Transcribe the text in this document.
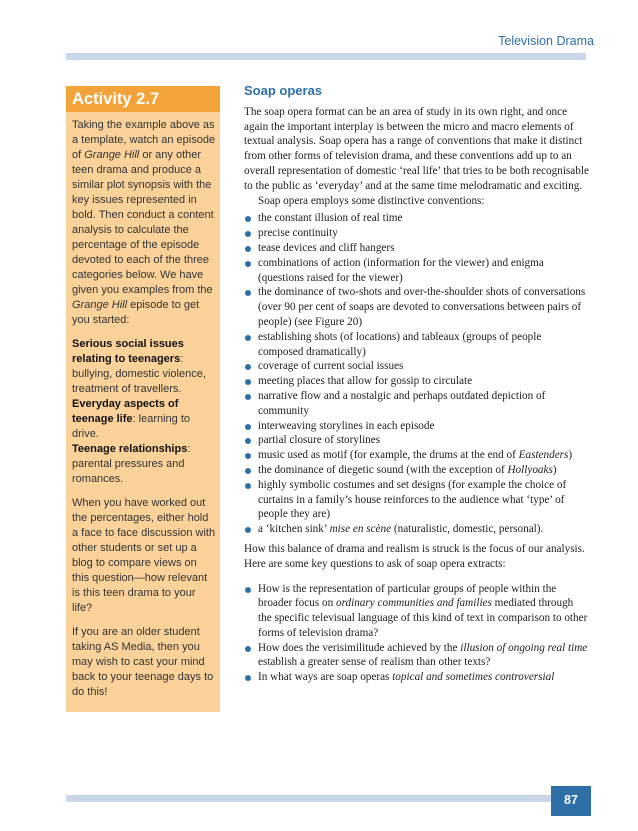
Television Drama
Activity 2.7

Taking the example above as a template, watch an episode of Grange Hill or any other teen drama and produce a similar plot synopsis with the key issues represented in bold. Then conduct a content analysis to calculate the percentage of the episode devoted to each of the three categories below. We have given you examples from the Grange Hill episode to get you started:

Serious social issues relating to teenagers: bullying, domestic violence, treatment of travellers.
Everyday aspects of teenage life: learning to drive.
Teenage relationships: parental pressures and romances.

When you have worked out the percentages, either hold a face to face discussion with other students or set up a blog to compare views on this question—how relevant is this teen drama to your life?

If you are an older student taking AS Media, then you may wish to cast your mind back to your teenage days to do this!

Soap operas

The soap opera format can be an area of study in its own right, and once again the important interplay is between the micro and macro elements of textual analysis. Soap opera has a range of conventions that make it distinct from other forms of television drama, and these conventions add up to an overall representation of domestic ‘real life’ that tries to be both recognisable to the public as ‘everyday’ and at the same time melodramatic and exciting.

Soap opera employs some distinctive conventions:

the constant illusion of real time
precise continuity
tease devices and cliff hangers
combinations of action (information for the viewer) and enigma (questions raised for the viewer)
the dominance of two-shots and over-the-shoulder shots of conversations (over 90 per cent of soaps are devoted to conversations between pairs of people) (see Figure 20)
establishing shots (of locations) and tableaux (groups of people composed dramatically)
coverage of current social issues
meeting places that allow for gossip to circulate
narrative flow and a nostalgic and perhaps outdated depiction of community
interweaving storylines in each episode
partial closure of storylines
music used as motif (for example, the drums at the end of Eastenders)
the dominance of diegetic sound (with the exception of Hollyoaks)
highly symbolic costumes and set designs (for example the choice of curtains in a family’s house reinforces to the audience what ‘type’ of people they are)
a ‘kitchen sink’ mise en scène (naturalistic, domestic, personal).

How this balance of drama and realism is struck is the focus of our analysis. Here are some key questions to ask of soap opera extracts:

How is the representation of particular groups of people within the broader focus on ordinary communities and families mediated through the specific televisual language of this kind of text in comparison to other forms of television drama?
How does the verisimilitude achieved by the illusion of ongoing real time establish a greater sense of realism than other texts?
In what ways are soap operas topical and sometimes controversial
87
